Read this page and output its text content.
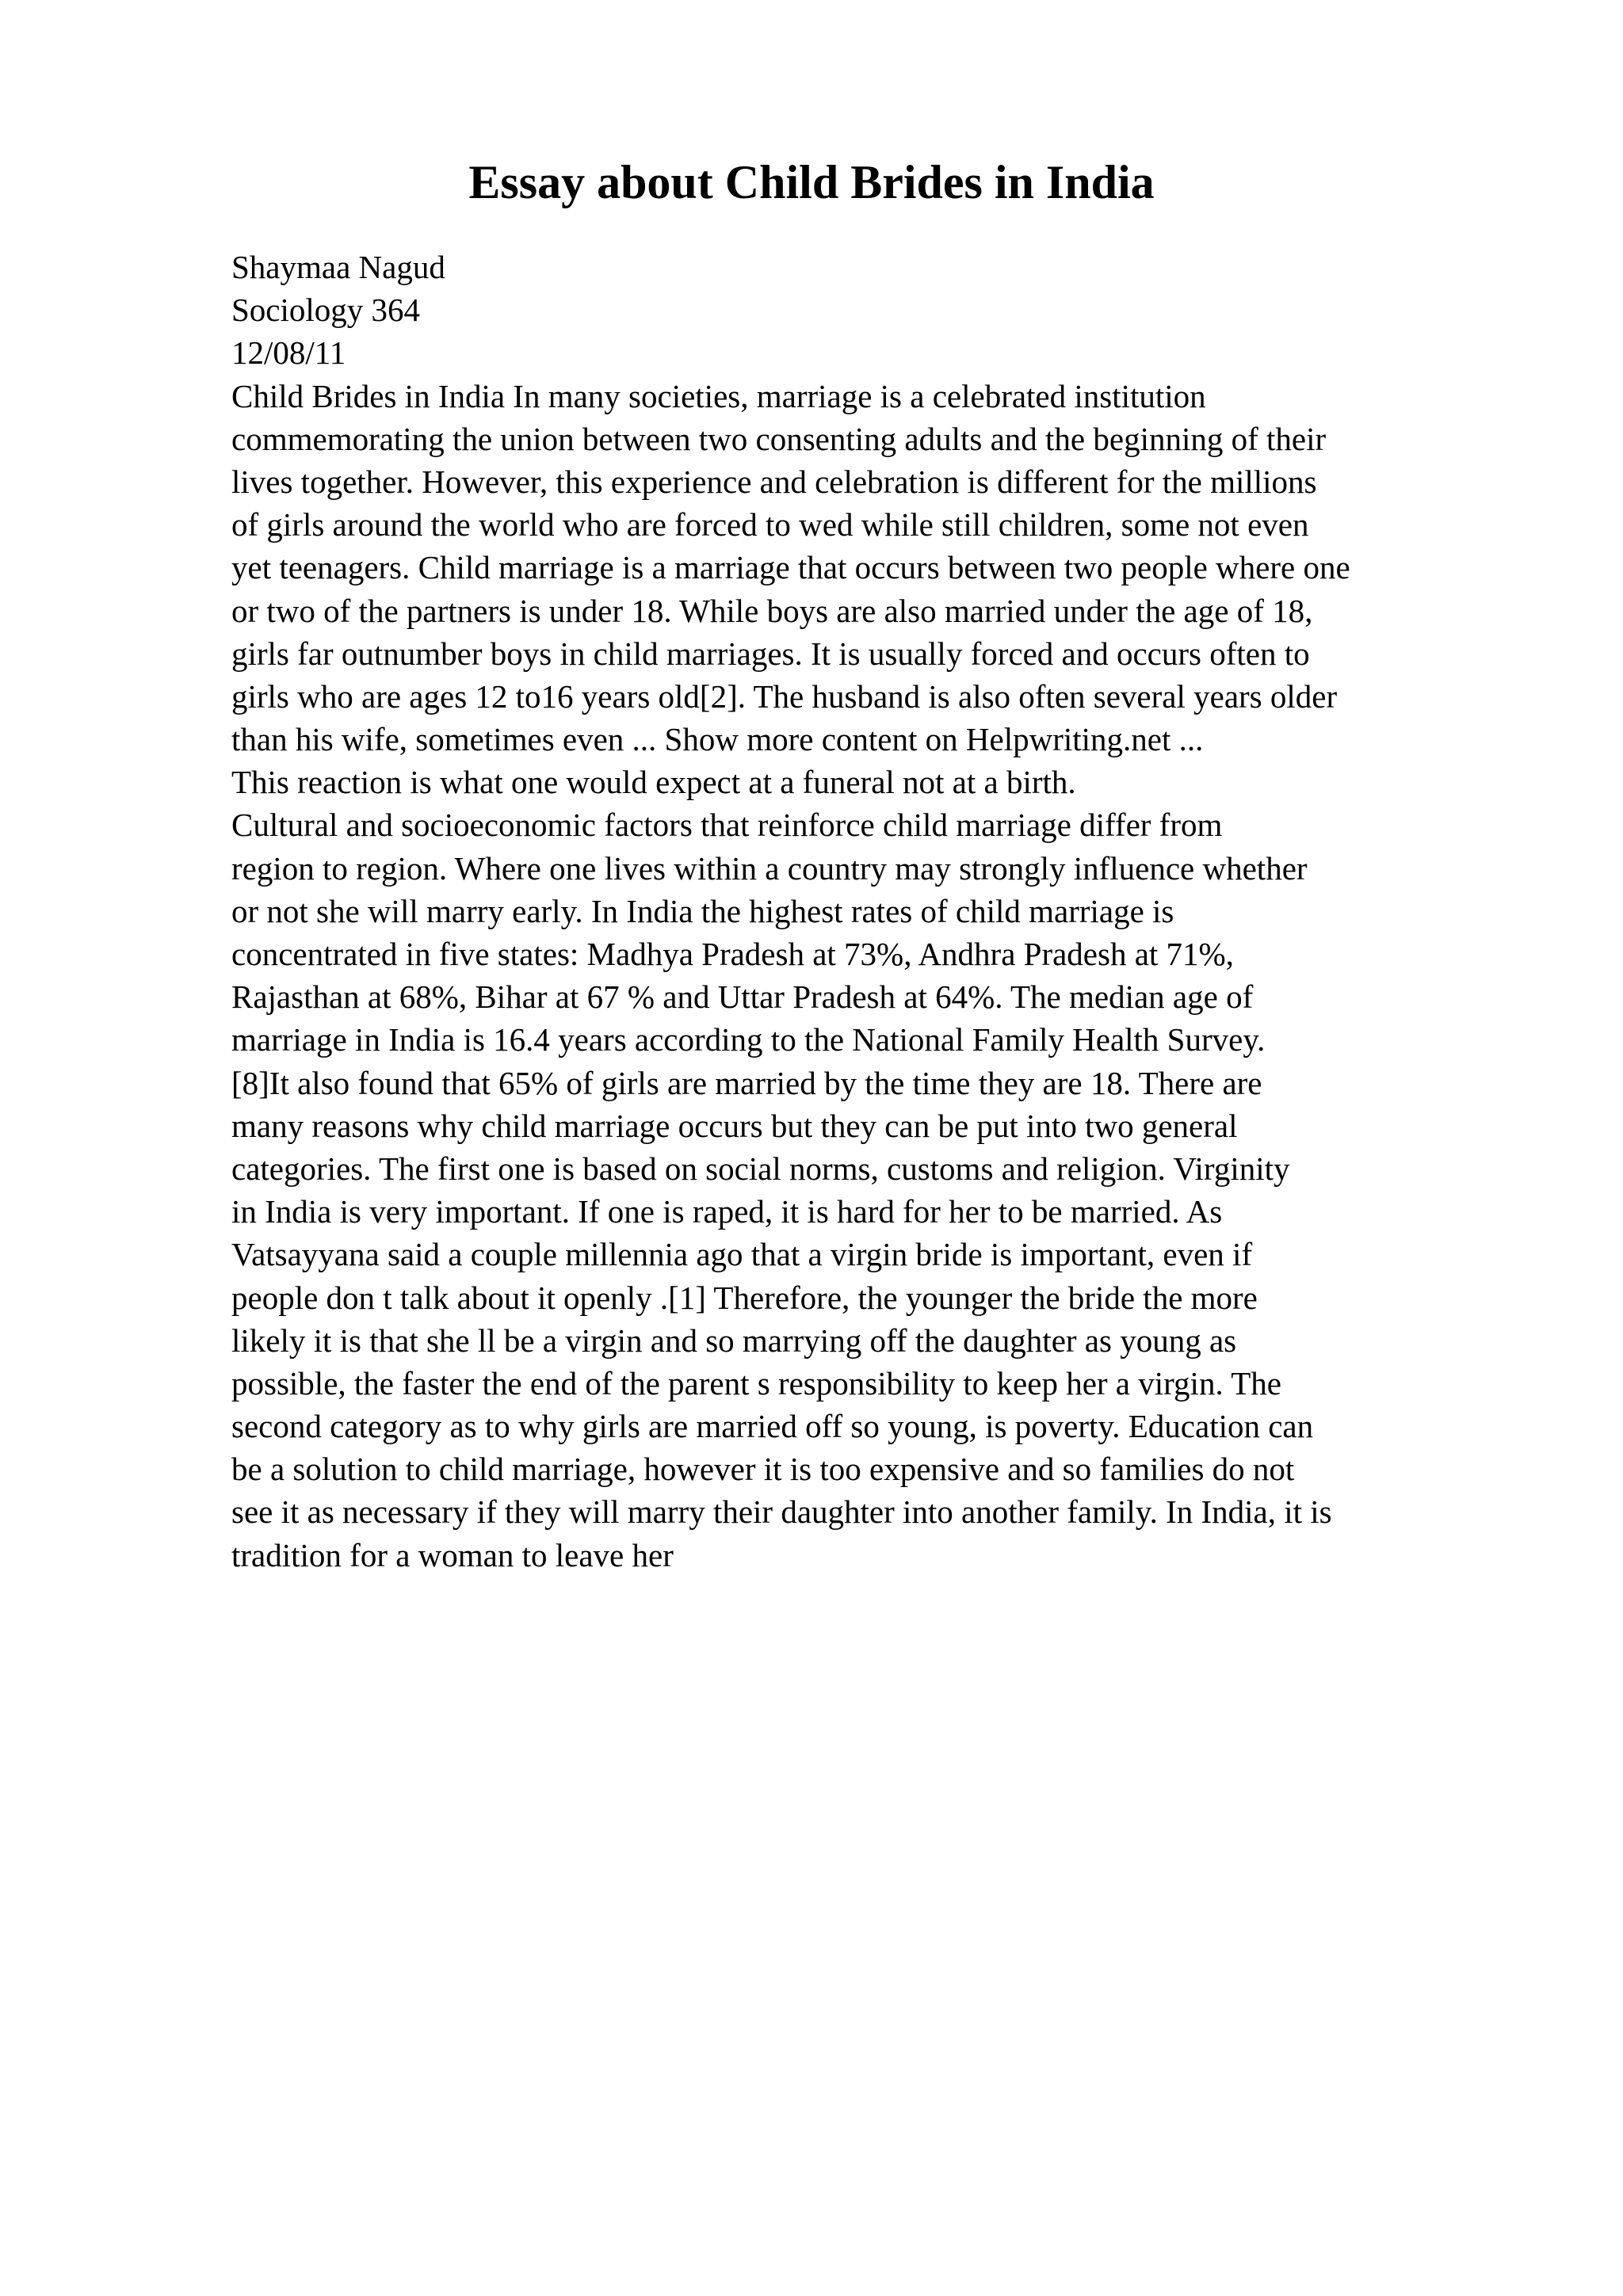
Essay about Child Brides in India
Shaymaa Nagud
Sociology 364
12/08/11
Child Brides in India In many societies, marriage is a celebrated institution
commemorating the union between two consenting adults and the beginning of their
lives together. However, this experience and celebration is different for the millions
of girls around the world who are forced to wed while still children, some not even
yet teenagers. Child marriage is a marriage that occurs between two people where one
or two of the partners is under 18. While boys are also married under the age of 18,
girls far outnumber boys in child marriages. It is usually forced and occurs often to
girls who are ages 12 to16 years old[2]. The husband is also often several years older
than his wife, sometimes even ... Show more content on Helpwriting.net ...
This reaction is what one would expect at a funeral not at a birth.
Cultural and socioeconomic factors that reinforce child marriage differ from
region to region. Where one lives within a country may strongly influence whether
or not she will marry early. In India the highest rates of child marriage is
concentrated in five states: Madhya Pradesh at 73%, Andhra Pradesh at 71%,
Rajasthan at 68%, Bihar at 67 % and Uttar Pradesh at 64%. The median age of
marriage in India is 16.4 years according to the National Family Health Survey.
[8]It also found that 65% of girls are married by the time they are 18. There are
many reasons why child marriage occurs but they can be put into two general
categories. The first one is based on social norms, customs and religion. Virginity
in India is very important. If one is raped, it is hard for her to be married. As
Vatsayyana said a couple millennia ago that a virgin bride is important, even if
people don t talk about it openly .[1] Therefore, the younger the bride the more
likely it is that she ll be a virgin and so marrying off the daughter as young as
possible, the faster the end of the parent s responsibility to keep her a virgin. The
second category as to why girls are married off so young, is poverty. Education can
be a solution to child marriage, however it is too expensive and so families do not
see it as necessary if they will marry their daughter into another family. In India, it is
tradition for a woman to leave her
